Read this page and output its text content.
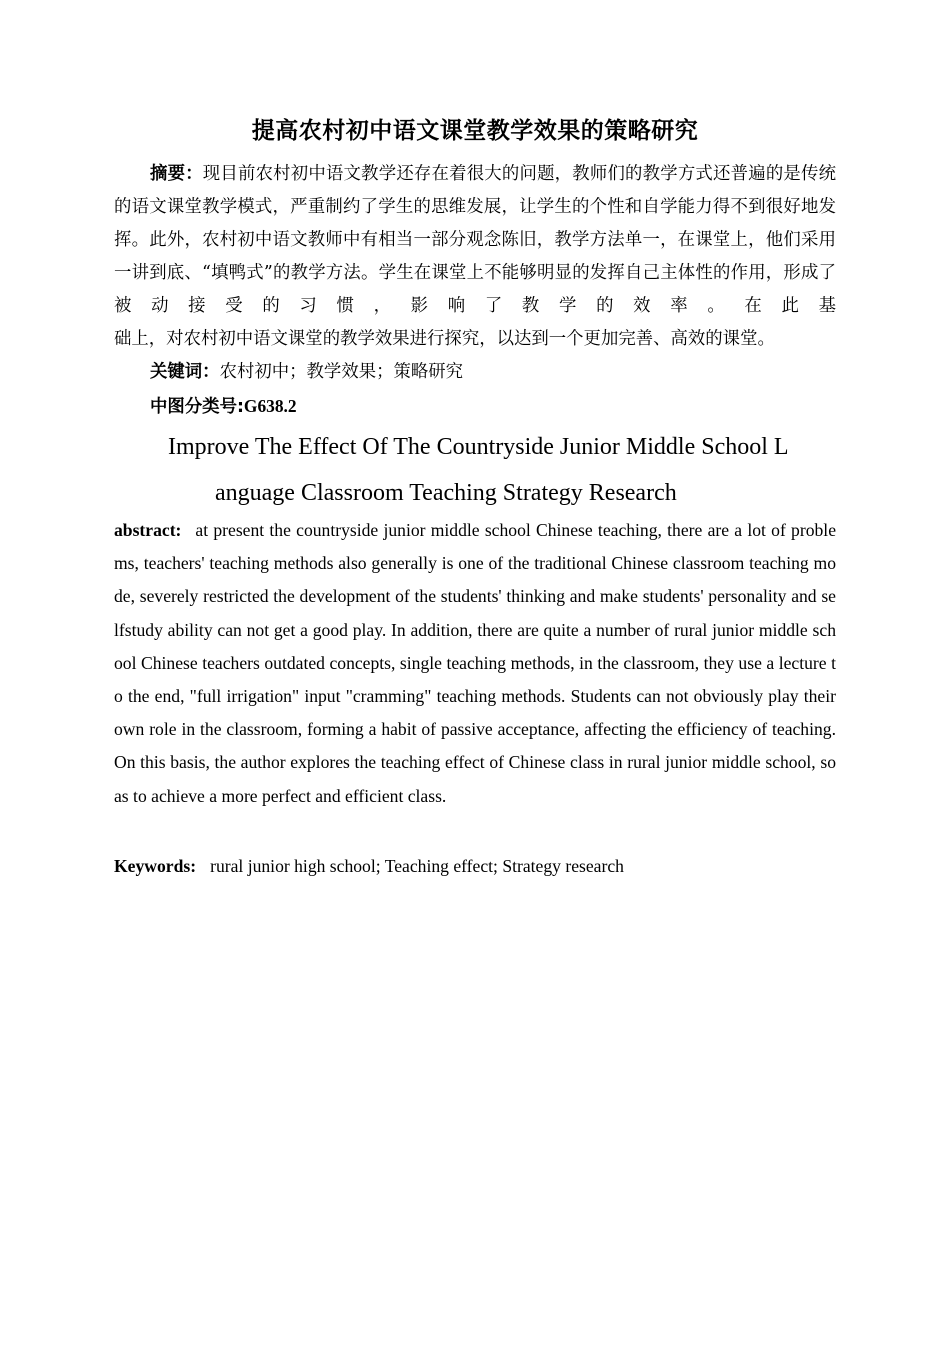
提高农村初中语文课堂教学效果的策略研究

摘要：现目前农村初中语文教学还存在着很大的问题，教师们的教学方式还普遍的是传统的语文课堂教学模式，严重制约了学生的思维发展，让学生的个性和自学能力得不到很好地发挥。此外，农村初中语文教师中有相当一部分观念陈旧，教学方法单一，在课堂上，他们采用一讲到底、“填鸭式”的教学方法。学生在课堂上不能够明显的发挥自己主体性的作用，形成了被动接受的习惯，影响了教学的效率。在此基
础上，对农村初中语文课堂的教学效果进行探究，以达到一个更加完善、高效的课堂。

关键词：农村初中；教学效果；策略研究

中图分类号:G638.2

Improve The Effect Of The Countryside Junior Middle School L
anguage Classroom Teaching Strategy Research

abstract: at present the countryside junior middle school Chinese teaching, there are a lot of problems, teachers' teaching methods also generally is one of the traditional Chinese classroom teaching mode, severely restricted the development of the students' thinking and make students' personality and selfstudy ability can not get a good play. In addition, there are quite a number of rural junior middle school Chinese teachers outdated concepts, single teaching methods, in the classroom, they use a lecture to the end, "full irrigation" input "cramming" teaching methods. Students can not obviously play their own role in the classroom, forming a habit of passive acceptance, affecting the efficiency of teaching. On this basis, the author explores the teaching effect of Chinese class in rural junior middle school, so as to achieve a more perfect and efficient class.

Keywords: rural junior high school; Teaching effect; Strategy research
